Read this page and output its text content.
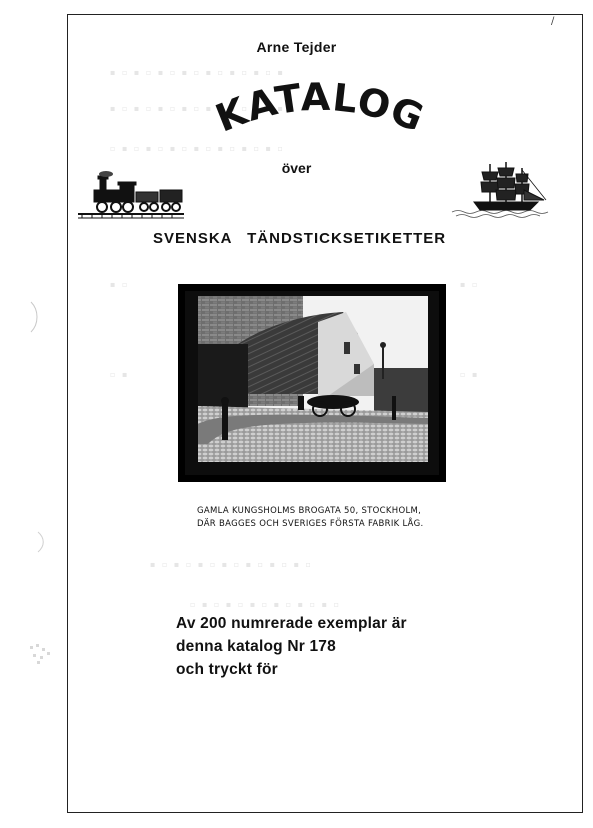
/
▪ ▫ ▪ ▫ ▪ ▫ ▪ ▫ ▪ ▫ ▪ ▫ ▪ ▫ ▪
▪ ▫ ▪ ▫ ▪ ▫ ▪ ▫ ▪ ▫ ▪ ▫ ▪ ▫ ▪
▫ ▪ ▫ ▪ ▫ ▪ ▫ ▪ ▫ ▪ ▫ ▪ ▫ ▪ ▫
▪ ▫	▪ ▫
▫ ▪	▫ ▪
▪ ▫ ▪ ▫ ▪ ▫ ▪ ▫ ▪ ▫ ▪ ▫ ▪ ▫
▫ ▪ ▫ ▪ ▫ ▪ ▫ ▪ ▫ ▪ ▫ ▪ ▫
Arne Tejder
KATALOG
över
SVENSKA TÄNDSTICKSETIKETTER
GAMLA KUNGSHOLMS BROGATA 50, STOCKHOLM,
DÄR BAGGES OCH SVERIGES FÖRSTA FABRIK LÅG.
Av 200 numrerade exemplar är
denna katalog Nr 178
och tryckt för
